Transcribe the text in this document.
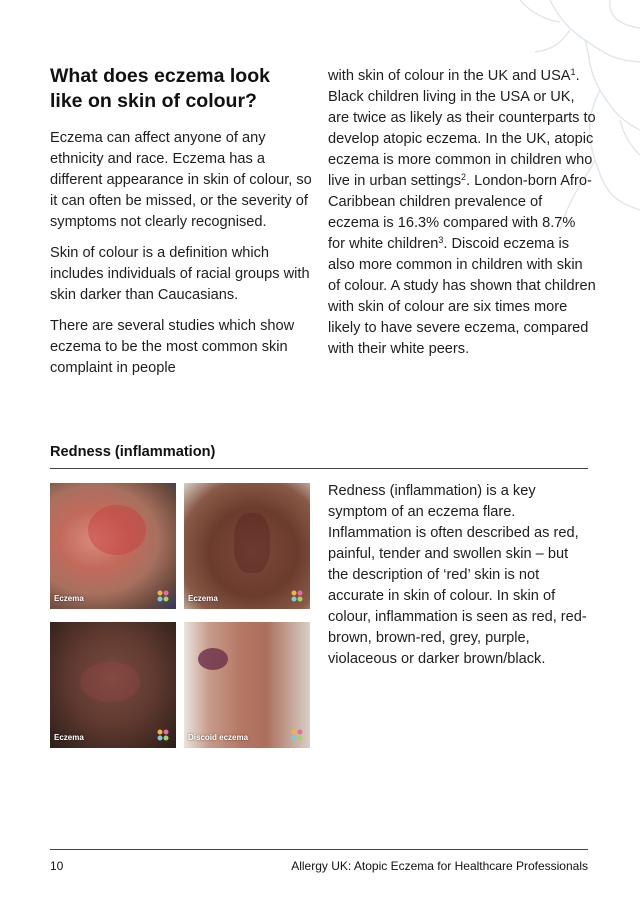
What does eczema look like on skin of colour?

Eczema can affect anyone of any ethnicity and race. Eczema has a different appearance in skin of colour, so it can often be missed, or the severity of symptoms not clearly recognised.

Skin of colour is a definition which includes individuals of racial groups with skin darker than Caucasians.

There are several studies which show eczema to be the most common skin complaint in people

with skin of colour in the UK and USA$^1$. Black children living in the USA or UK, are twice as likely as their counterparts to develop atopic eczema. In the UK, atopic eczema is more common in children who live in urban settings$^2$. London-born Afro-Caribbean children prevalence of eczema is 16.3% compared with 8.7% for white children$^3$. Discoid eczema is also more common in children with skin of colour. A study has shown that children with skin of colour are six times more likely to have severe eczema, compared with their white peers.

Redness (inflammation)
Eczema	Eczema
Eczema	Discoid eczema

Redness (inflammation) is a key symptom of an eczema flare. Inflammation is often described as red, painful, tender and swollen skin – but the description of ‘red’ skin is not accurate in skin of colour. In skin of colour, inflammation is seen as red, red-brown, brown-red, grey, purple, violaceous or darker brown/black.

10	Allergy UK: Atopic Eczema for Healthcare Professionals
